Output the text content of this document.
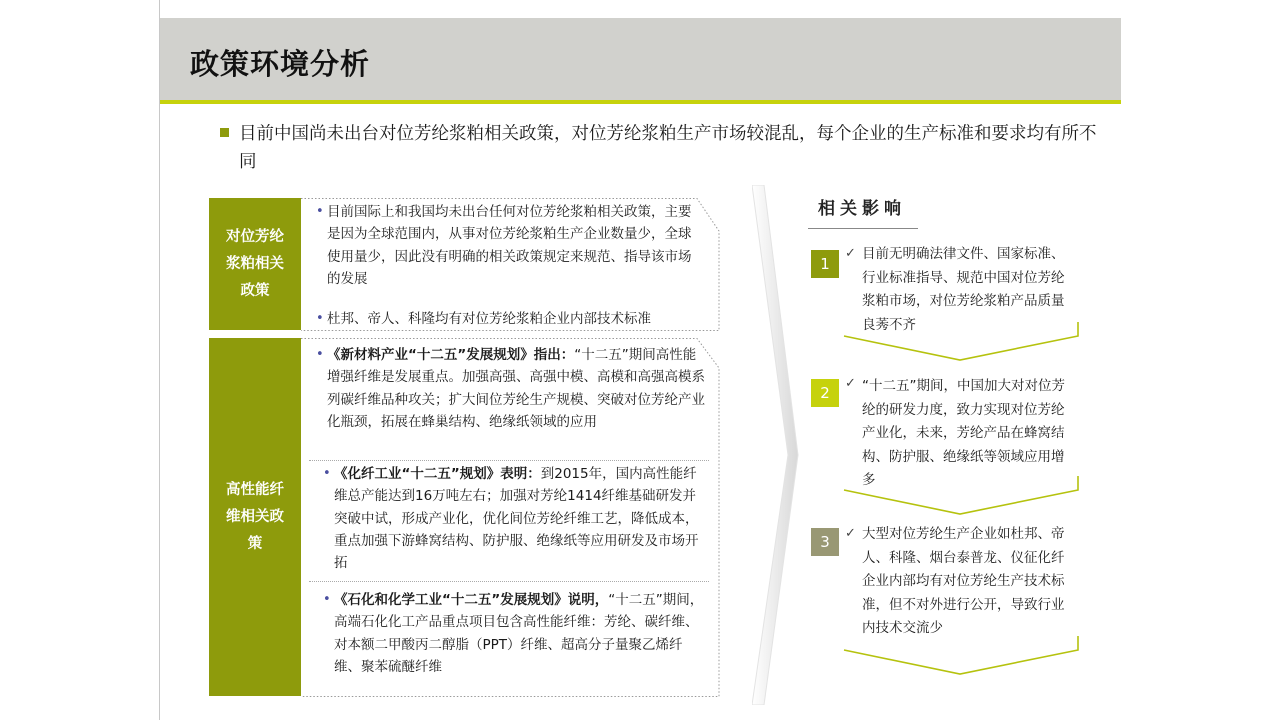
政策环境分析
目前中国尚未出台对位芳纶浆粕相关政策，对位芳纶浆粕生产市场较混乱，每个企业的生产标准和要求均有所不同
对位芳纶浆粕相关政策
• 目前国际上和我国均未出台任何对位芳纶浆粕相关政策，主要是因为全球范围内，从事对位芳纶浆粕生产企业数量少，全球使用量少，因此没有明确的相关政策规定来规范、指导该市场的发展
• 杜邦、帝人、科隆均有对位芳纶浆粕企业内部技术标准
高性能纤维相关政策
• 《新材料产业“十二五”发展规划》指出：“十二五”期间高性能增强纤维是发展重点。加强高强、高强中模、高模和高强高模系列碳纤维品种攻关；扩大间位芳纶生产规模、突破对位芳纶产业化瓶颈，拓展在蜂巢结构、绝缘纸领域的应用
• 《化纤工业“十二五”规划》表明：到2015年，国内高性能纤维总产能达到16万吨左右；加强对芳纶1414纤维基础研发并突破中试，形成产业化，优化间位芳纶纤维工艺，降低成本，重点加强下游蜂窝结构、防护服、绝缘纸等应用研发及市场开拓
• 《石化和化学工业“十二五”发展规划》说明，“十二五”期间，高端石化化工产品重点项目包含高性能纤维：芳纶、碳纤维、对本额二甲酸丙二醇脂（PPT）纤维、超高分子量聚乙烯纤维、聚苯硫醚纤维
相关影响
1
✓ 目前无明确法律文件、国家标准、行业标准指导、规范中国对位芳纶浆粕市场，对位芳纶浆粕产品质量良莠不齐
2
✓ “十二五”期间，中国加大对对位芳纶的研发力度，致力实现对位芳纶产业化，未来，芳纶产品在蜂窝结构、防护服、绝缘纸等领域应用增多
3	✓ 大型对位芳纶生产企业如杜邦、帝人、科隆、烟台泰普龙、仪征化纤企业内部均有对位芳纶生产技术标准，但不对外进行公开，导致行业内技术交流少
